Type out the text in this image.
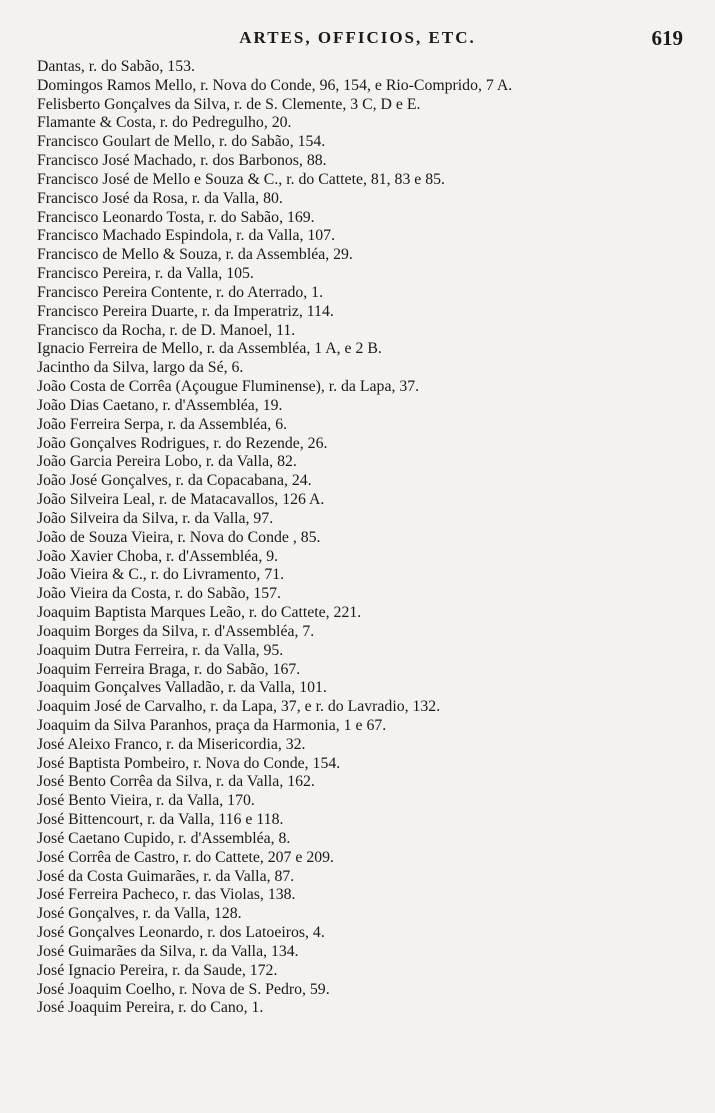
ARTES, OFFICIOS, ETC.	619
Dantas, r. do Sabão, 153.
Domingos Ramos Mello, r. Nova do Conde, 96, 154, e Rio-Comprido, 7 A.
Felisberto Gonçalves da Silva, r. de S. Clemente, 3 C, D e E.
Flamante & Costa, r. do Pedregulho, 20.
Francisco Goulart de Mello, r. do Sabão, 154.
Francisco José Machado, r. dos Barbonos, 88.
Francisco José de Mello e Souza & C., r. do Cattete, 81, 83 e 85.
Francisco José da Rosa, r. da Valla, 80.
Francisco Leonardo Tosta, r. do Sabão, 169.
Francisco Machado Espindola, r. da Valla, 107.
Francisco de Mello & Souza, r. da Assembléa, 29.
Francisco Pereira, r. da Valla, 105.
Francisco Pereira Contente, r. do Aterrado, 1.
Francisco Pereira Duarte, r. da Imperatriz, 114.
Francisco da Rocha, r. de D. Manoel, 11.
Ignacio Ferreira de Mello, r. da Assembléa, 1 A, e 2 B.
Jacintho da Silva, largo da Sé, 6.
João Costa de Corrêa (Açougue Fluminense), r. da Lapa, 37.
João Dias Caetano, r. d'Assembléa, 19.
João Ferreira Serpa, r. da Assembléa, 6.
João Gonçalves Rodrigues, r. do Rezende, 26.
João Garcia Pereira Lobo, r. da Valla, 82.
João José Gonçalves, r. da Copacabana, 24.
João Silveira Leal, r. de Matacavallos, 126 A.
João Silveira da Silva, r. da Valla, 97.
João de Souza Vieira, r. Nova do Conde , 85.
João Xavier Choba, r. d'Assembléa, 9.
João Vieira & C., r. do Livramento, 71.
João Vieira da Costa, r. do Sabão, 157.
Joaquim Baptista Marques Leão, r. do Cattete, 221.
Joaquim Borges da Silva, r. d'Assembléa, 7.
Joaquim Dutra Ferreira, r. da Valla, 95.
Joaquim Ferreira Braga, r. do Sabão, 167.
Joaquim Gonçalves Valladão, r. da Valla, 101.
Joaquim José de Carvalho, r. da Lapa, 37, e r. do Lavradio, 132.
Joaquim da Silva Paranhos, praça da Harmonia, 1 e 67.
José Aleixo Franco, r. da Misericordia, 32.
José Baptista Pombeiro, r. Nova do Conde, 154.
José Bento Corrêa da Silva, r. da Valla, 162.
José Bento Vieira, r. da Valla, 170.
José Bittencourt, r. da Valla, 116 e 118.
José Caetano Cupido, r. d'Assembléa, 8.
José Corrêa de Castro, r. do Cattete, 207 e 209.
José da Costa Guimarães, r. da Valla, 87.
José Ferreira Pacheco, r. das Violas, 138.
José Gonçalves, r. da Valla, 128.
José Gonçalves Leonardo, r. dos Latoeiros, 4.
José Guimarães da Silva, r. da Valla, 134.
José Ignacio Pereira, r. da Saude, 172.
José Joaquim Coelho, r. Nova de S. Pedro, 59.
José Joaquim Pereira, r. do Cano, 1.
